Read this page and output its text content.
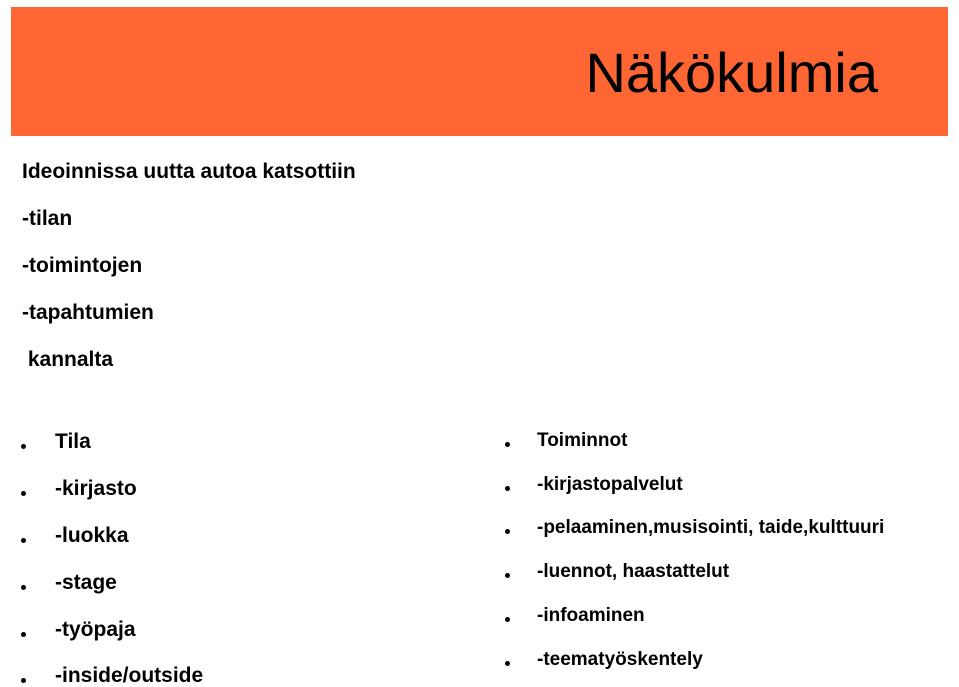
Näkökulmia
Ideoinnissa uutta autoa katsottiin
-tilan
-toimintojen
-tapahtumien
kannalta
Tila
-kirjasto
-luokka
-stage
-työpaja
-inside/outside
Toiminnot
-kirjastopalvelut
-pelaaminen,musisointi, taide,kulttuuri
-luennot, haastattelut
-infoaminen
-teematyöskentely
